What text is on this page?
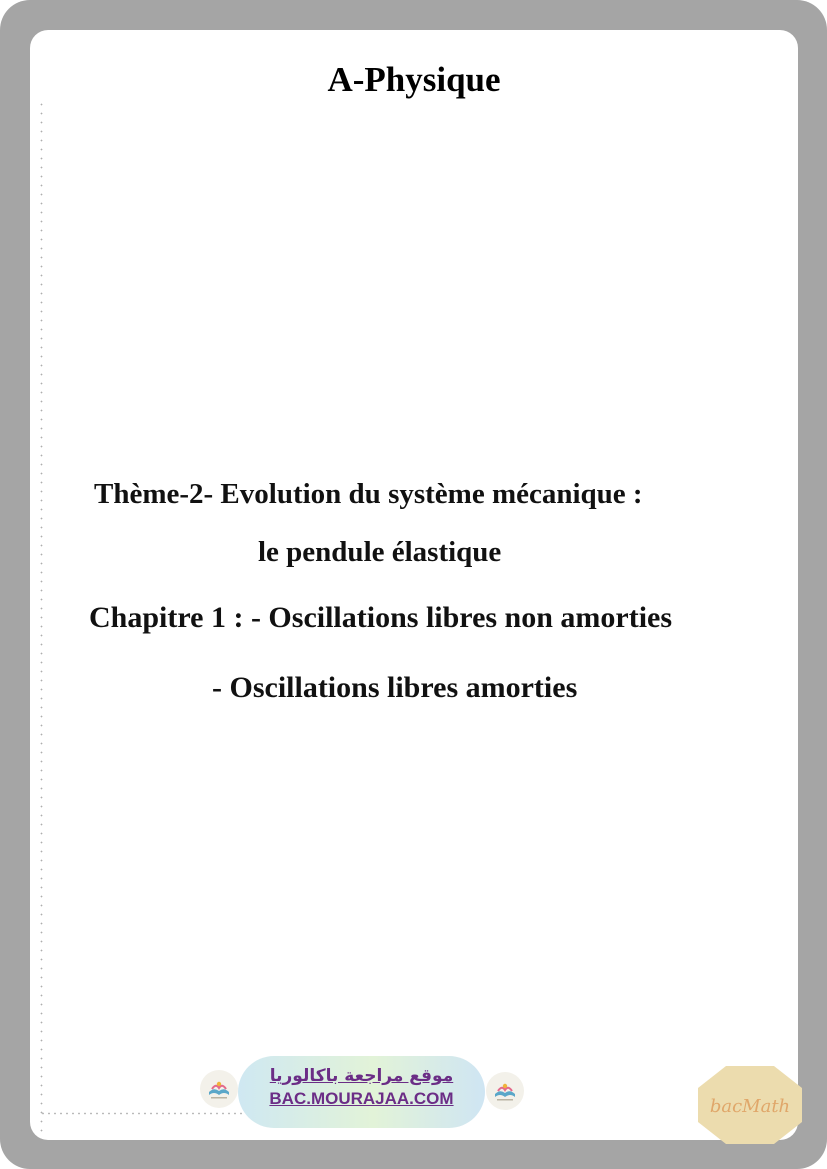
A-Physique

Thème-2- Evolution du système mécanique :

le pendule élastique

Chapitre 1 : - Oscillations libres non amorties

- Oscillations libres amorties

موقع مراجعة باكالوريا
BAC.MOURAJAA.COM	bacMath
